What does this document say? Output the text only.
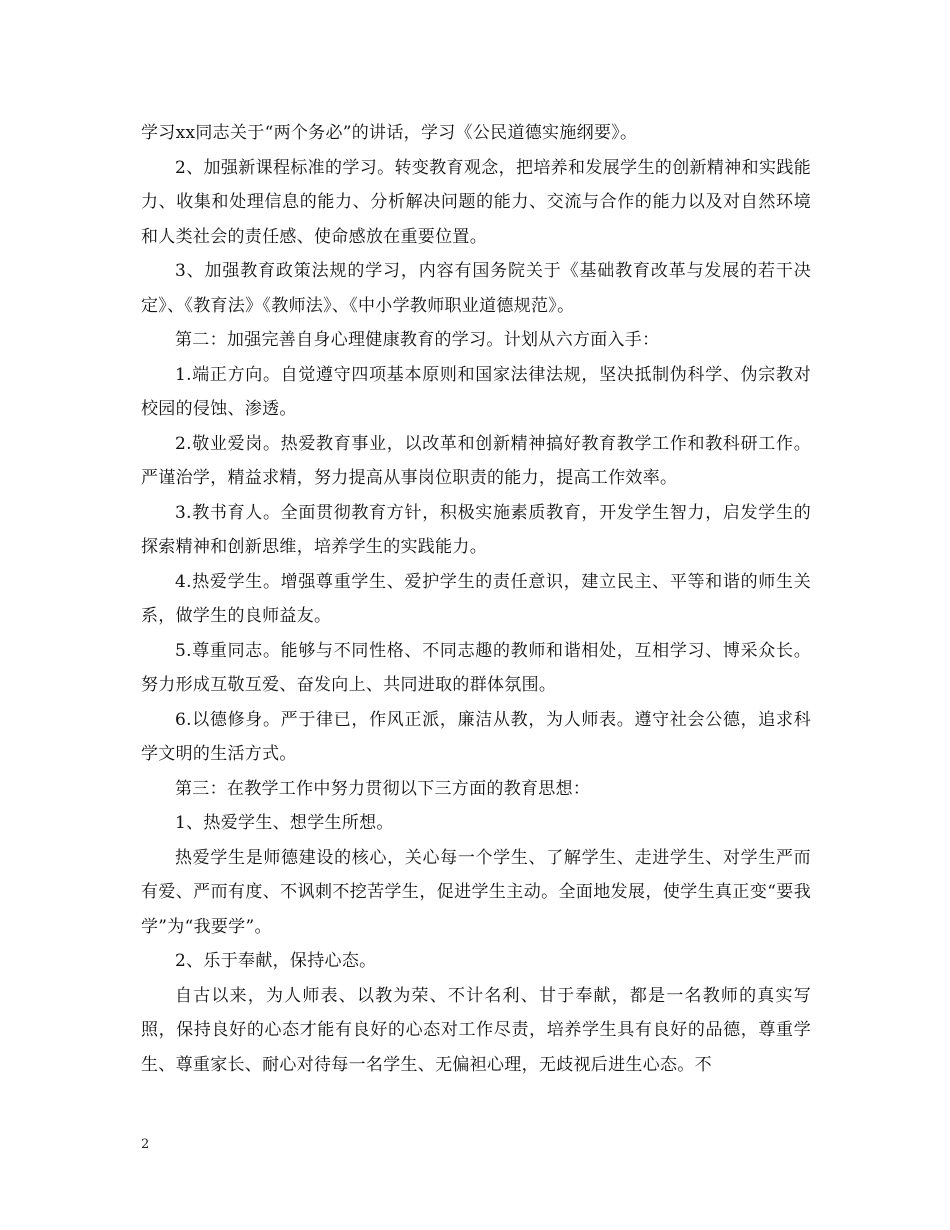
学习xx同志关于“两个务必”的讲话，学习《公民道德实施纲要》。

2、加强新课程标准的学习。转变教育观念，把培养和发展学生的创新精神和实践能力、收集和处理信息的能力、分析解决问题的能力、交流与合作的能力以及对自然环境和人类社会的责任感、使命感放在重要位置。

3、加强教育政策法规的学习，内容有国务院关于《基础教育改革与发展的若干决定》、《教育法》《教师法》、《中小学教师职业道德规范》。

第二：加强完善自身心理健康教育的学习。计划从六方面入手：

1.端正方向。自觉遵守四项基本原则和国家法律法规，坚决抵制伪科学、伪宗教对校园的侵蚀、渗透。

2.敬业爱岗。热爱教育事业，以改革和创新精神搞好教育教学工作和教科研工作。严谨治学，精益求精，努力提高从事岗位职责的能力，提高工作效率。

3.教书育人。全面贯彻教育方针，积极实施素质教育，开发学生智力，启发学生的探索精神和创新思维，培养学生的实践能力。

4.热爱学生。增强尊重学生、爱护学生的责任意识，建立民主、平等和谐的师生关系，做学生的良师益友。

5.尊重同志。能够与不同性格、不同志趣的教师和谐相处，互相学习、博采众长。努力形成互敬互爱、奋发向上、共同进取的群体氛围。

6.以德修身。严于律已，作风正派，廉洁从教，为人师表。遵守社会公德，追求科学文明的生活方式。

第三：在教学工作中努力贯彻以下三方面的教育思想：

1、热爱学生、想学生所想。

热爱学生是师德建设的核心，关心每一个学生、了解学生、走进学生、对学生严而有爱、严而有度、不讽刺不挖苦学生，促进学生主动。全面地发展，使学生真正变“要我学”为“我要学”。

2、乐于奉献，保持心态。

自古以来，为人师表、以教为荣、不计名利、甘于奉献，都是一名教师的真实写照，保持良好的心态才能有良好的心态对工作尽责，培养学生具有良好的品德，尊重学生、尊重家长、耐心对待每一名学生、无偏袒心理，无歧视后进生心态。不

2
